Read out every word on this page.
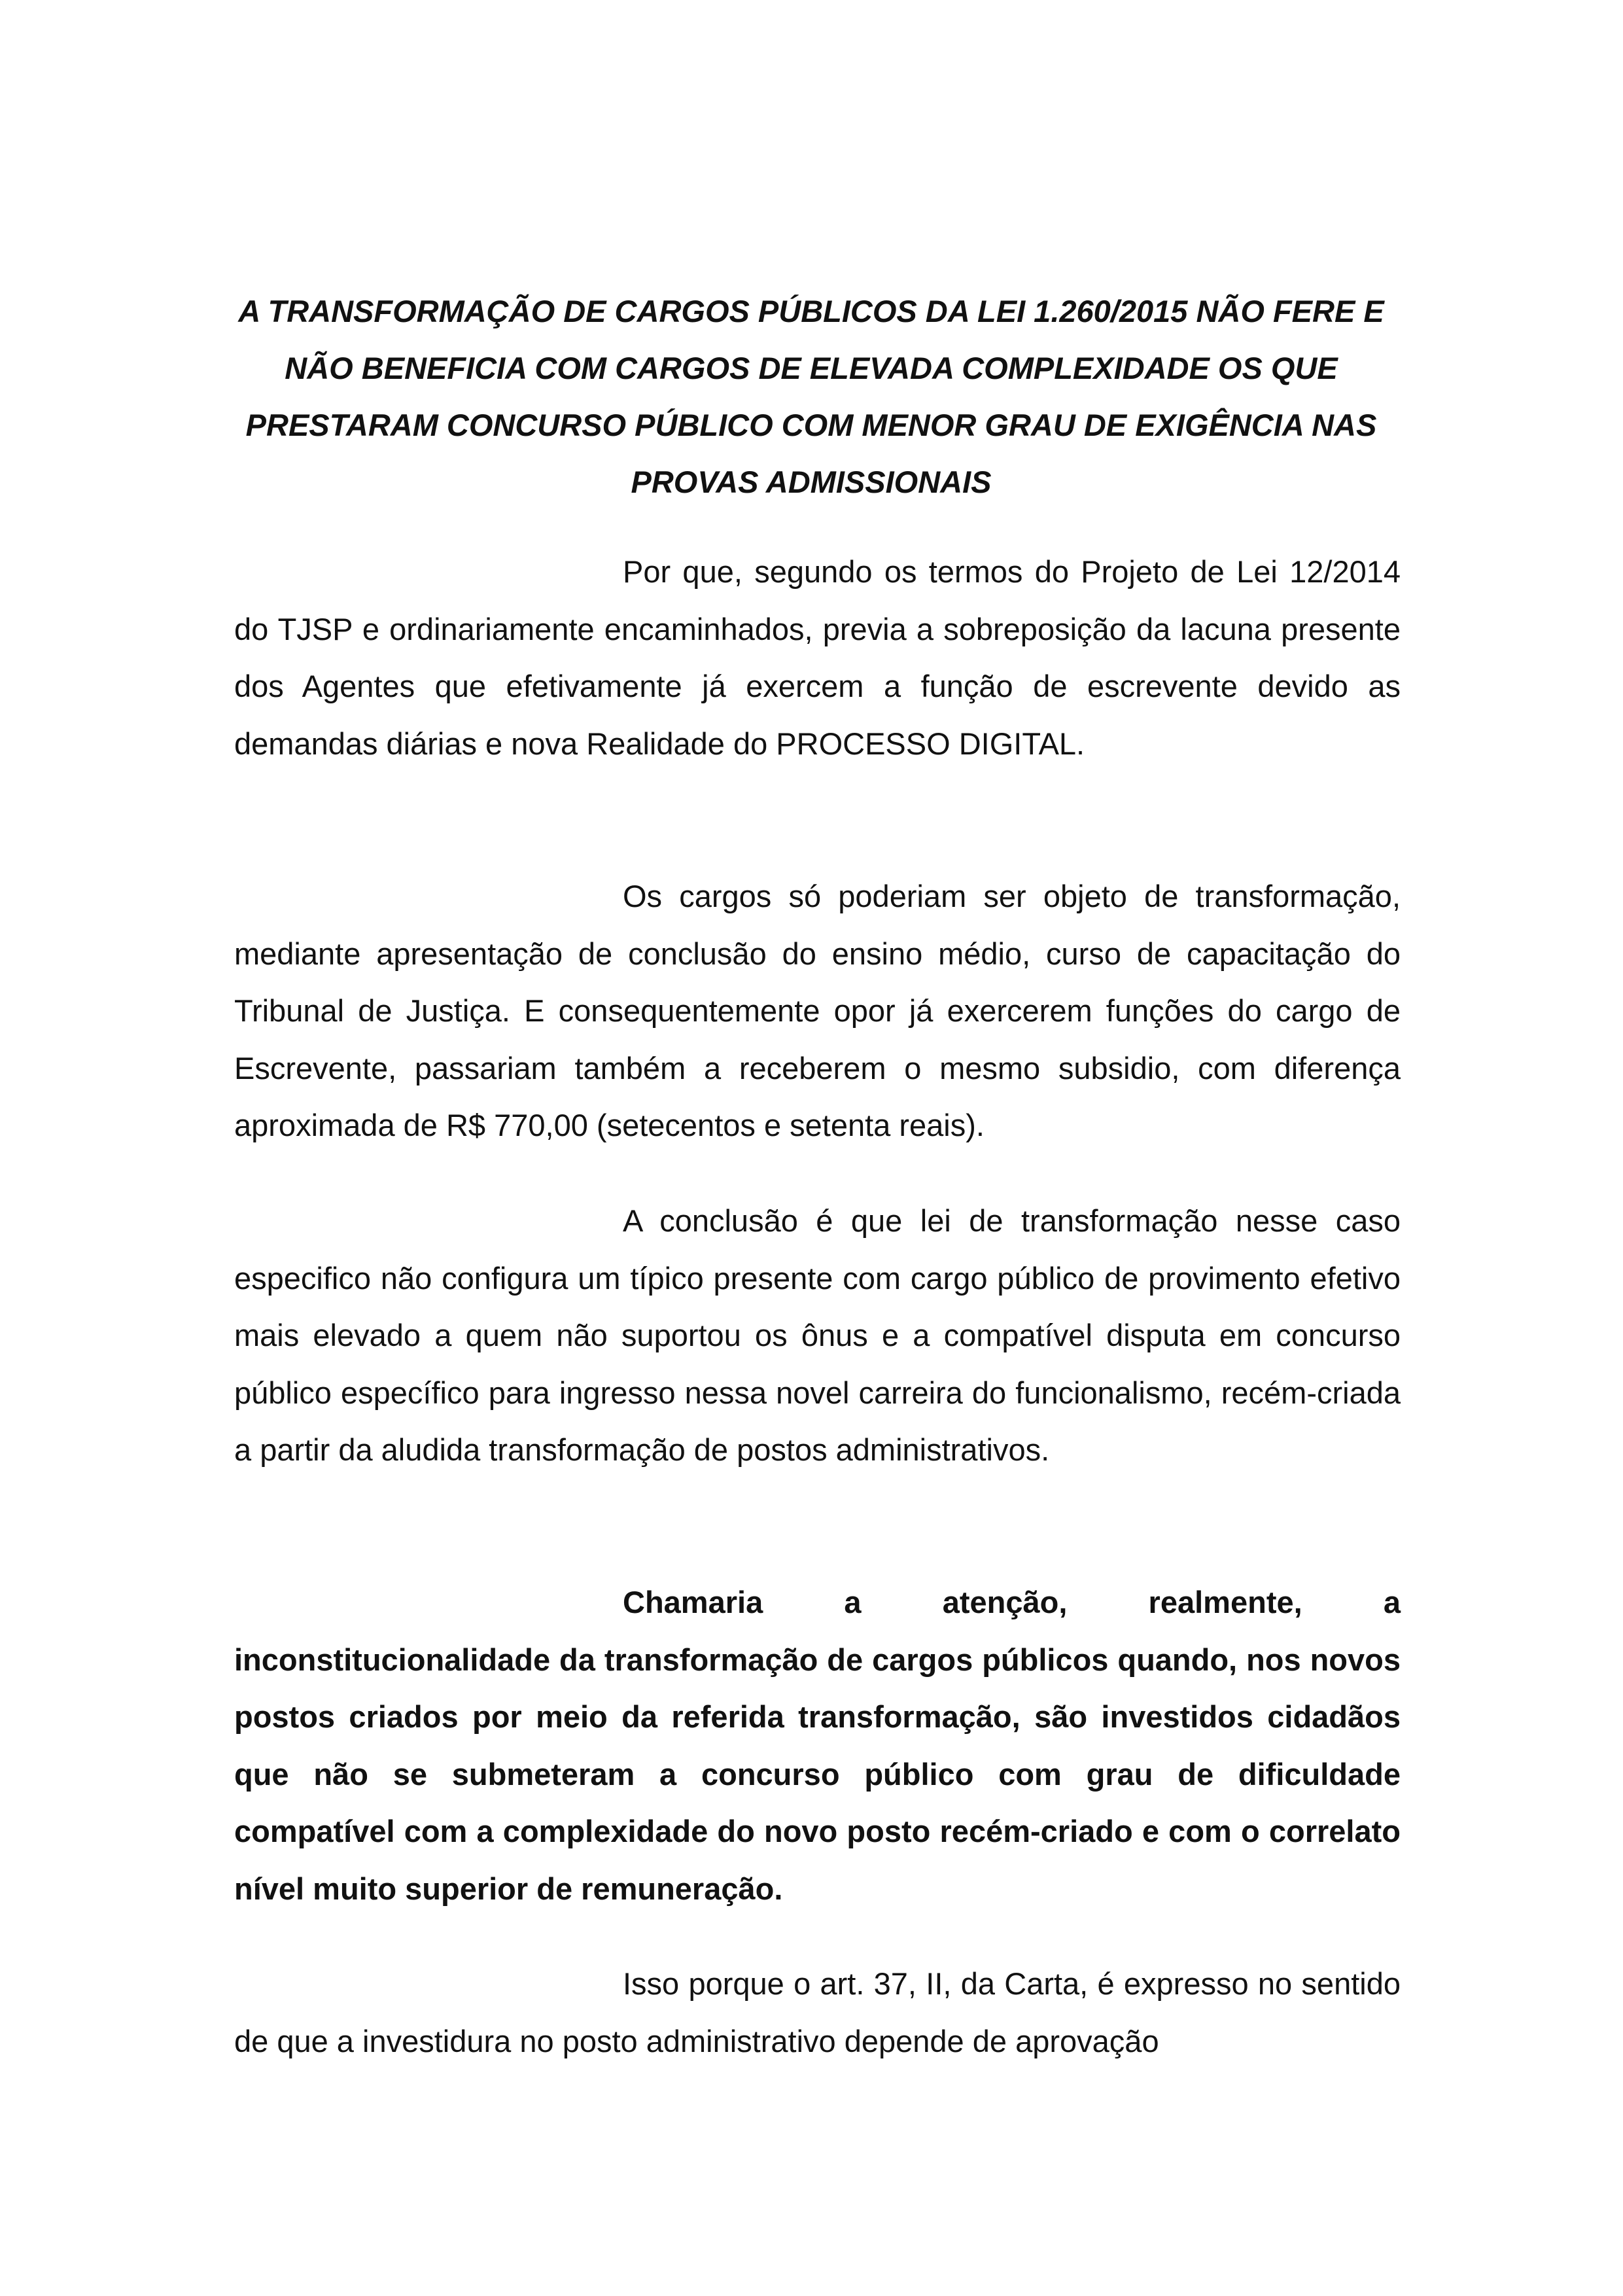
A TRANSFORMAÇÃO DE CARGOS PÚBLICOS DA LEI 1.260/2015 NÃO FERE E NÃO BENEFICIA COM CARGOS DE ELEVADA COMPLEXIDADE OS QUE PRESTARAM CONCURSO PÚBLICO COM MENOR GRAU DE EXIGÊNCIA NAS PROVAS ADMISSIONAIS

Por que, segundo os termos do Projeto de Lei 12/2014 do TJSP e ordinariamente encaminhados, previa a sobreposição da lacuna presente dos Agentes que efetivamente já exercem a função de escrevente devido as demandas diárias e nova Realidade do PROCESSO DIGITAL.

Os cargos só poderiam ser objeto de transformação, mediante apresentação de conclusão do ensino médio, curso de capacitação do Tribunal de Justiça. E consequentemente opor já exercerem funções do cargo de Escrevente, passariam também a receberem o mesmo subsidio, com diferença aproximada de R$ 770,00 (setecentos e setenta reais).

A conclusão é que lei de transformação nesse caso especifico não configura um típico presente com cargo público de provimento efetivo mais elevado a quem não suportou os ônus e a compatível disputa em concurso público específico para ingresso nessa novel carreira do funcionalismo, recém-criada a partir da aludida transformação de postos administrativos.

Chamaria a atenção, realmente, a inconstitucionalidade da transformação de cargos públicos quando, nos novos postos criados por meio da referida transformação, são investidos cidadãos que não se submeteram a concurso público com grau de dificuldade compatível com a complexidade do novo posto recém-criado e com o correlato nível muito superior de remuneração.

Isso porque o art. 37, II, da Carta, é expresso no sentido de que a investidura no posto administrativo depende de aprovação
